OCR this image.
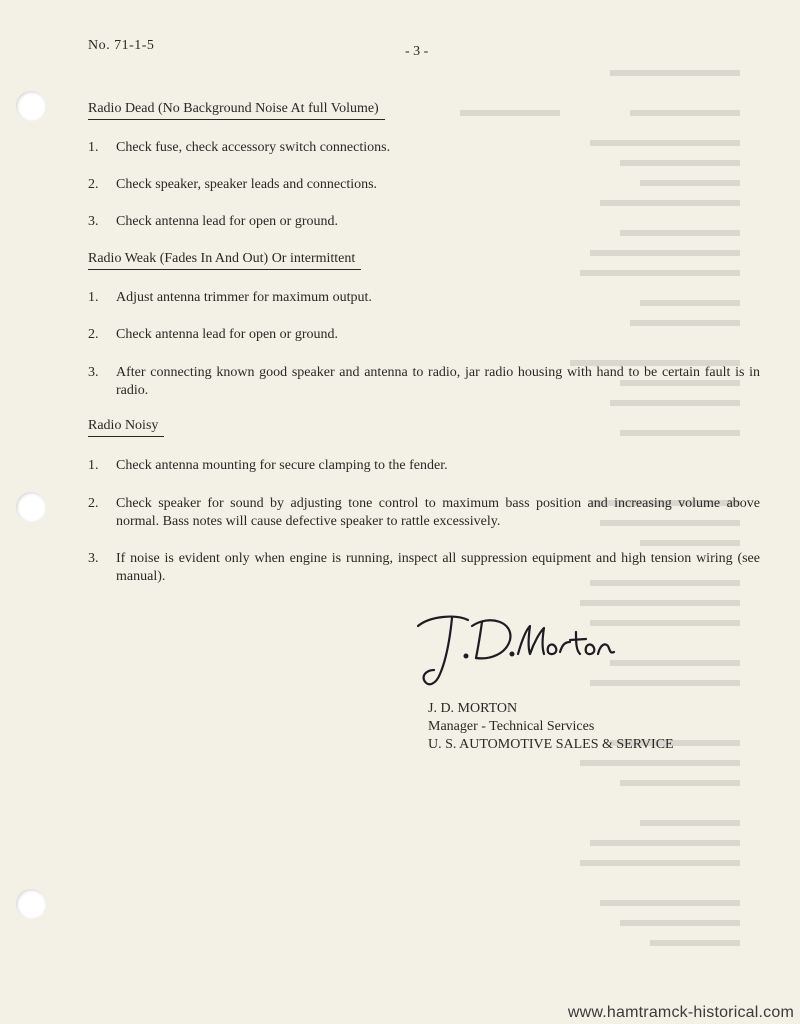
No. 71-1-5	- 3 -
Radio Dead (No Background Noise At full Volume)
1.	Check fuse, check accessory switch connections.
2.	Check speaker, speaker leads and connections.
3.	Check antenna lead for open or ground.
Radio Weak (Fades In And Out) Or intermittent
1.	Adjust antenna trimmer for maximum output.
2.	Check antenna lead for open or ground.
3.	After connecting known good speaker and antenna to radio, jar radio housing with hand to be certain fault is in radio.
Radio Noisy
1.	Check antenna mounting for secure clamping to the fender.
2.	Check speaker for sound by adjusting tone control to maximum bass position and increasing volume above normal. Bass notes will cause defective speaker to rattle excessively.
3.	If noise is evident only when engine is running, inspect all suppression equipment and high tension wiring (see manual).
J. D. MORTON
Manager - Technical Services
U. S. AUTOMOTIVE SALES & SERVICE
www.hamtramck-historical.com
